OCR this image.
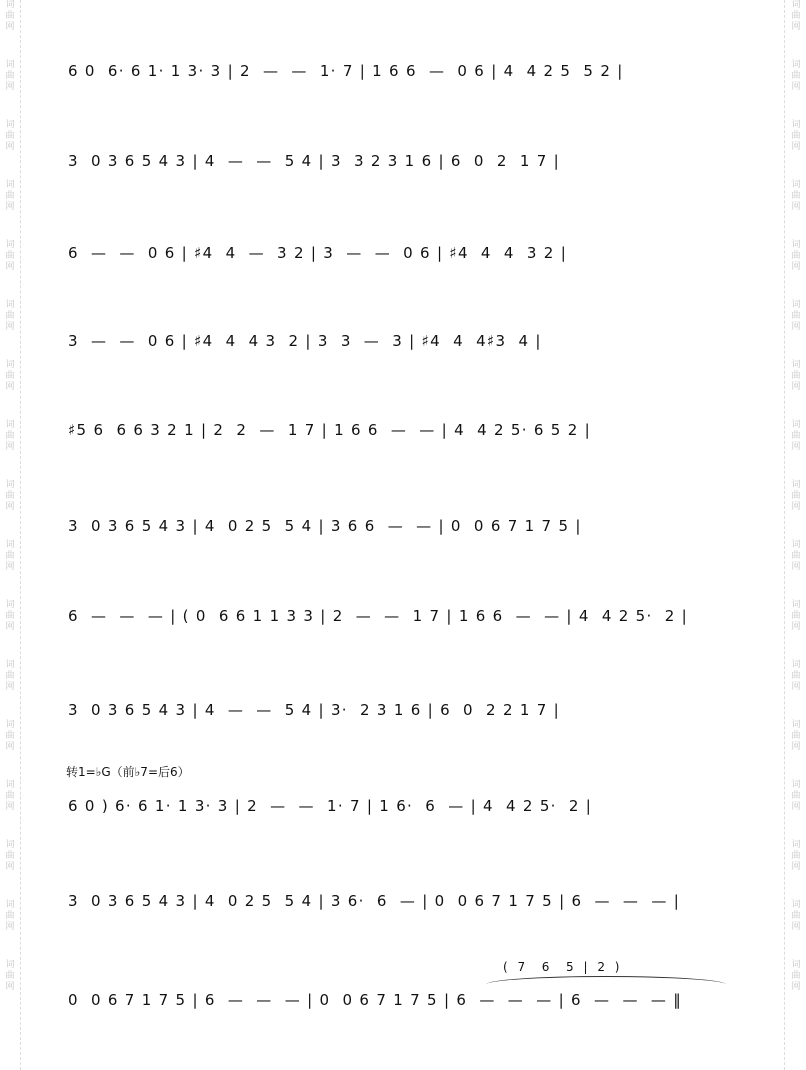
词
曲
网
词
曲
网
词
曲
网
词
曲
网
词
曲
网
词
曲
网
词
曲
网
词
曲
网
词
曲
网
词
曲
网
词
曲
网
词
曲
网
词
曲
网
词
曲
网
词
曲
网
词
曲
网
词
曲
网
词
曲
网
词
曲
网
词
曲
网
词
曲
网
词
曲
网
词
曲
网
词
曲
网
词
曲
网
词
曲
网
词
曲
网
词
曲
网
词
曲
网
词
曲
网
词
曲
网
词
曲
网
词
曲
网
词
曲
网
6 0  6· 6 1· 1 3· 3 | 2  —  —  1· 7 | 1 6 6  —  0 6 | 4  4 2 5  5 2 |
3  0 3 6 5 4 3 | 4  —  —  5 4 | 3  3 2 3 1 6 | 6  0  2  1 7 |
6  —  —  0 6 | ♯4  4  —  3 2 | 3  —  —  0 6 | ♯4  4  4  3 2 |
3  —  —  0 6 | ♯4  4  4 3  2 | 3  3  —  3 | ♯4  4  4♯3  4 |
♯5 6  6 6 3 2 1 | 2  2  —  1 7 | 1 6 6  —  — | 4  4 2 5· 6 5 2 |
3  0 3 6 5 4 3 | 4  0 2 5  5 4 | 3 6 6  —  — | 0  0 6 7 1 7 5 |
6  —  —  — | ( 0  6 6 1 1 3 3 | 2  —  —  1 7 | 1 6 6  —  — | 4  4 2 5·  2 |
3  0 3 6 5 4 3 | 4  —  —  5 4 | 3·  2 3 1 6 | 6  0  2 2 1 7 |
转1=♭G（前♭7=后6）
6 0 ) 6· 6 1· 1 3· 3 | 2  —  —  1· 7 | 1 6·  6  — | 4  4 2 5·  2 |
3  0 3 6 5 4 3 | 4  0 2 5  5 4 | 3 6·  6  — | 0  0 6 7 1 7 5 | 6  —  —  — |
( 7  6  5 | 2 )
0  0 6 7 1 7 5 | 6  —  —  — | 0  0 6 7 1 7 5 | 6  —  —  — | 6  —  —  — ‖
